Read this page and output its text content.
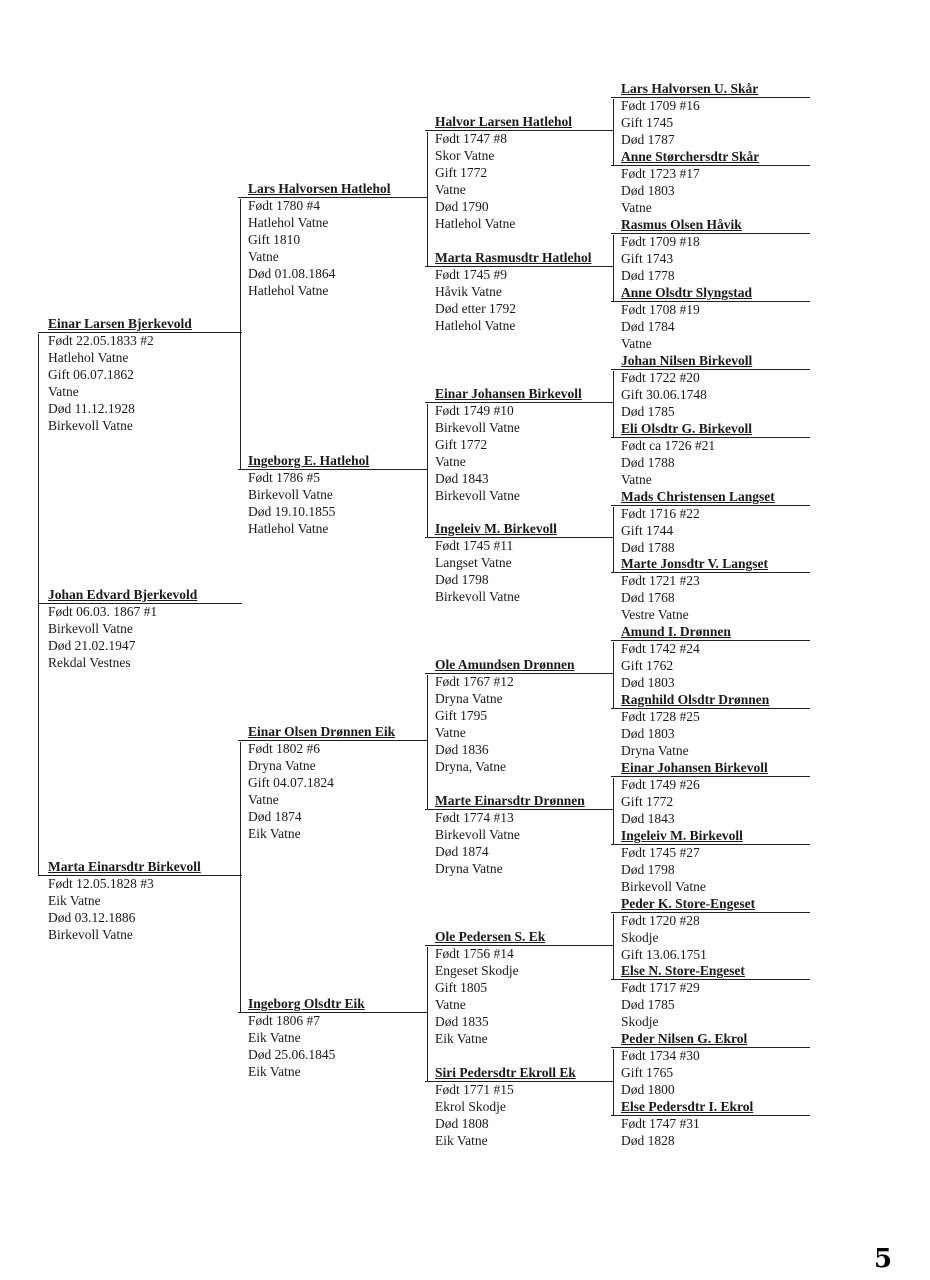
Johan Edvard Bjerkevold
Født 06.03. 1867 #1
Birkevoll Vatne
Død 21.02.1947
Rekdal Vestnes
Einar Larsen Bjerkevold
Født 22.05.1833 #2
Hatlehol Vatne
Gift 06.07.1862
Vatne
Død 11.12.1928
Birkevoll Vatne
Marta Einarsdtr Birkevoll
Født 12.05.1828 #3
Eik Vatne
Død 03.12.1886
Birkevoll Vatne
Lars Halvorsen Hatlehol
Født 1780 #4
Hatlehol Vatne
Gift 1810
Vatne
Død 01.08.1864
Hatlehol Vatne
Ingeborg E. Hatlehol
Født 1786 #5
Birkevoll Vatne
Død 19.10.1855
Hatlehol Vatne
Einar Olsen Drønnen Eik
Født 1802 #6
Dryna Vatne
Gift 04.07.1824
Vatne
Død 1874
Eik Vatne
Ingeborg Olsdtr Eik
Født 1806 #7
Eik Vatne
Død 25.06.1845
Eik Vatne
Halvor Larsen Hatlehol
Født 1747 #8
Skor Vatne
Gift 1772
Vatne
Død 1790
Hatlehol Vatne
Marta Rasmusdtr Hatlehol
Født 1745 #9
Håvik Vatne
Død etter 1792
Hatlehol Vatne
Einar Johansen Birkevoll
Født 1749 #10
Birkevoll Vatne
Gift 1772
Vatne
Død 1843
Birkevoll Vatne
Ingeleiv M. Birkevoll
Født 1745 #11
Langset Vatne
Død 1798
Birkevoll Vatne
Ole Amundsen Drønnen
Født 1767 #12
Dryna Vatne
Gift 1795
Vatne
Død 1836
Dryna, Vatne
Marte Einarsdtr Drønnen
Født 1774 #13
Birkevoll Vatne
Død 1874
Dryna Vatne
Ole Pedersen S. Ek
Født 1756 #14
Engeset Skodje
Gift 1805
Vatne
Død 1835
Eik Vatne
Siri Pedersdtr Ekroll Ek
Født 1771 #15
Ekrol Skodje
Død 1808
Eik Vatne
Lars Halvorsen U. Skår
Født 1709 #16
Gift 1745
Død 1787
Anne Størchersdtr Skår
Født 1723 #17
Død 1803
Vatne
Rasmus Olsen Håvik
Født 1709 #18
Gift 1743
Død 1778
Anne Olsdtr Slyngstad
Født 1708 #19
Død 1784
Vatne
Johan Nilsen Birkevoll
Født 1722 #20
Gift 30.06.1748
Død 1785
Eli Olsdtr G. Birkevoll
Født ca 1726 #21
Død 1788
Vatne
Mads Christensen Langset
Født 1716 #22
Gift 1744
Død 1788
Marte Jonsdtr V. Langset
Født 1721 #23
Død 1768
Vestre Vatne
Amund I. Drønnen
Født 1742 #24
Gift 1762
Død 1803
Ragnhild Olsdtr Drønnen
Født 1728 #25
Død 1803
Dryna Vatne
Einar Johansen Birkevoll
Født 1749 #26
Gift 1772
Død 1843
Ingeleiv M. Birkevoll
Født 1745 #27
Død 1798
Birkevoll Vatne
Peder K. Store-Engeset
Født 1720 #28
Skodje
Gift 13.06.1751
Else N. Store-Engeset
Født 1717 #29
Død 1785
Skodje
Peder Nilsen G. Ekrol
Født 1734 #30
Gift 1765
Død 1800
Else Pedersdtr I. Ekrol
Født 1747 #31
Død 1828
5
